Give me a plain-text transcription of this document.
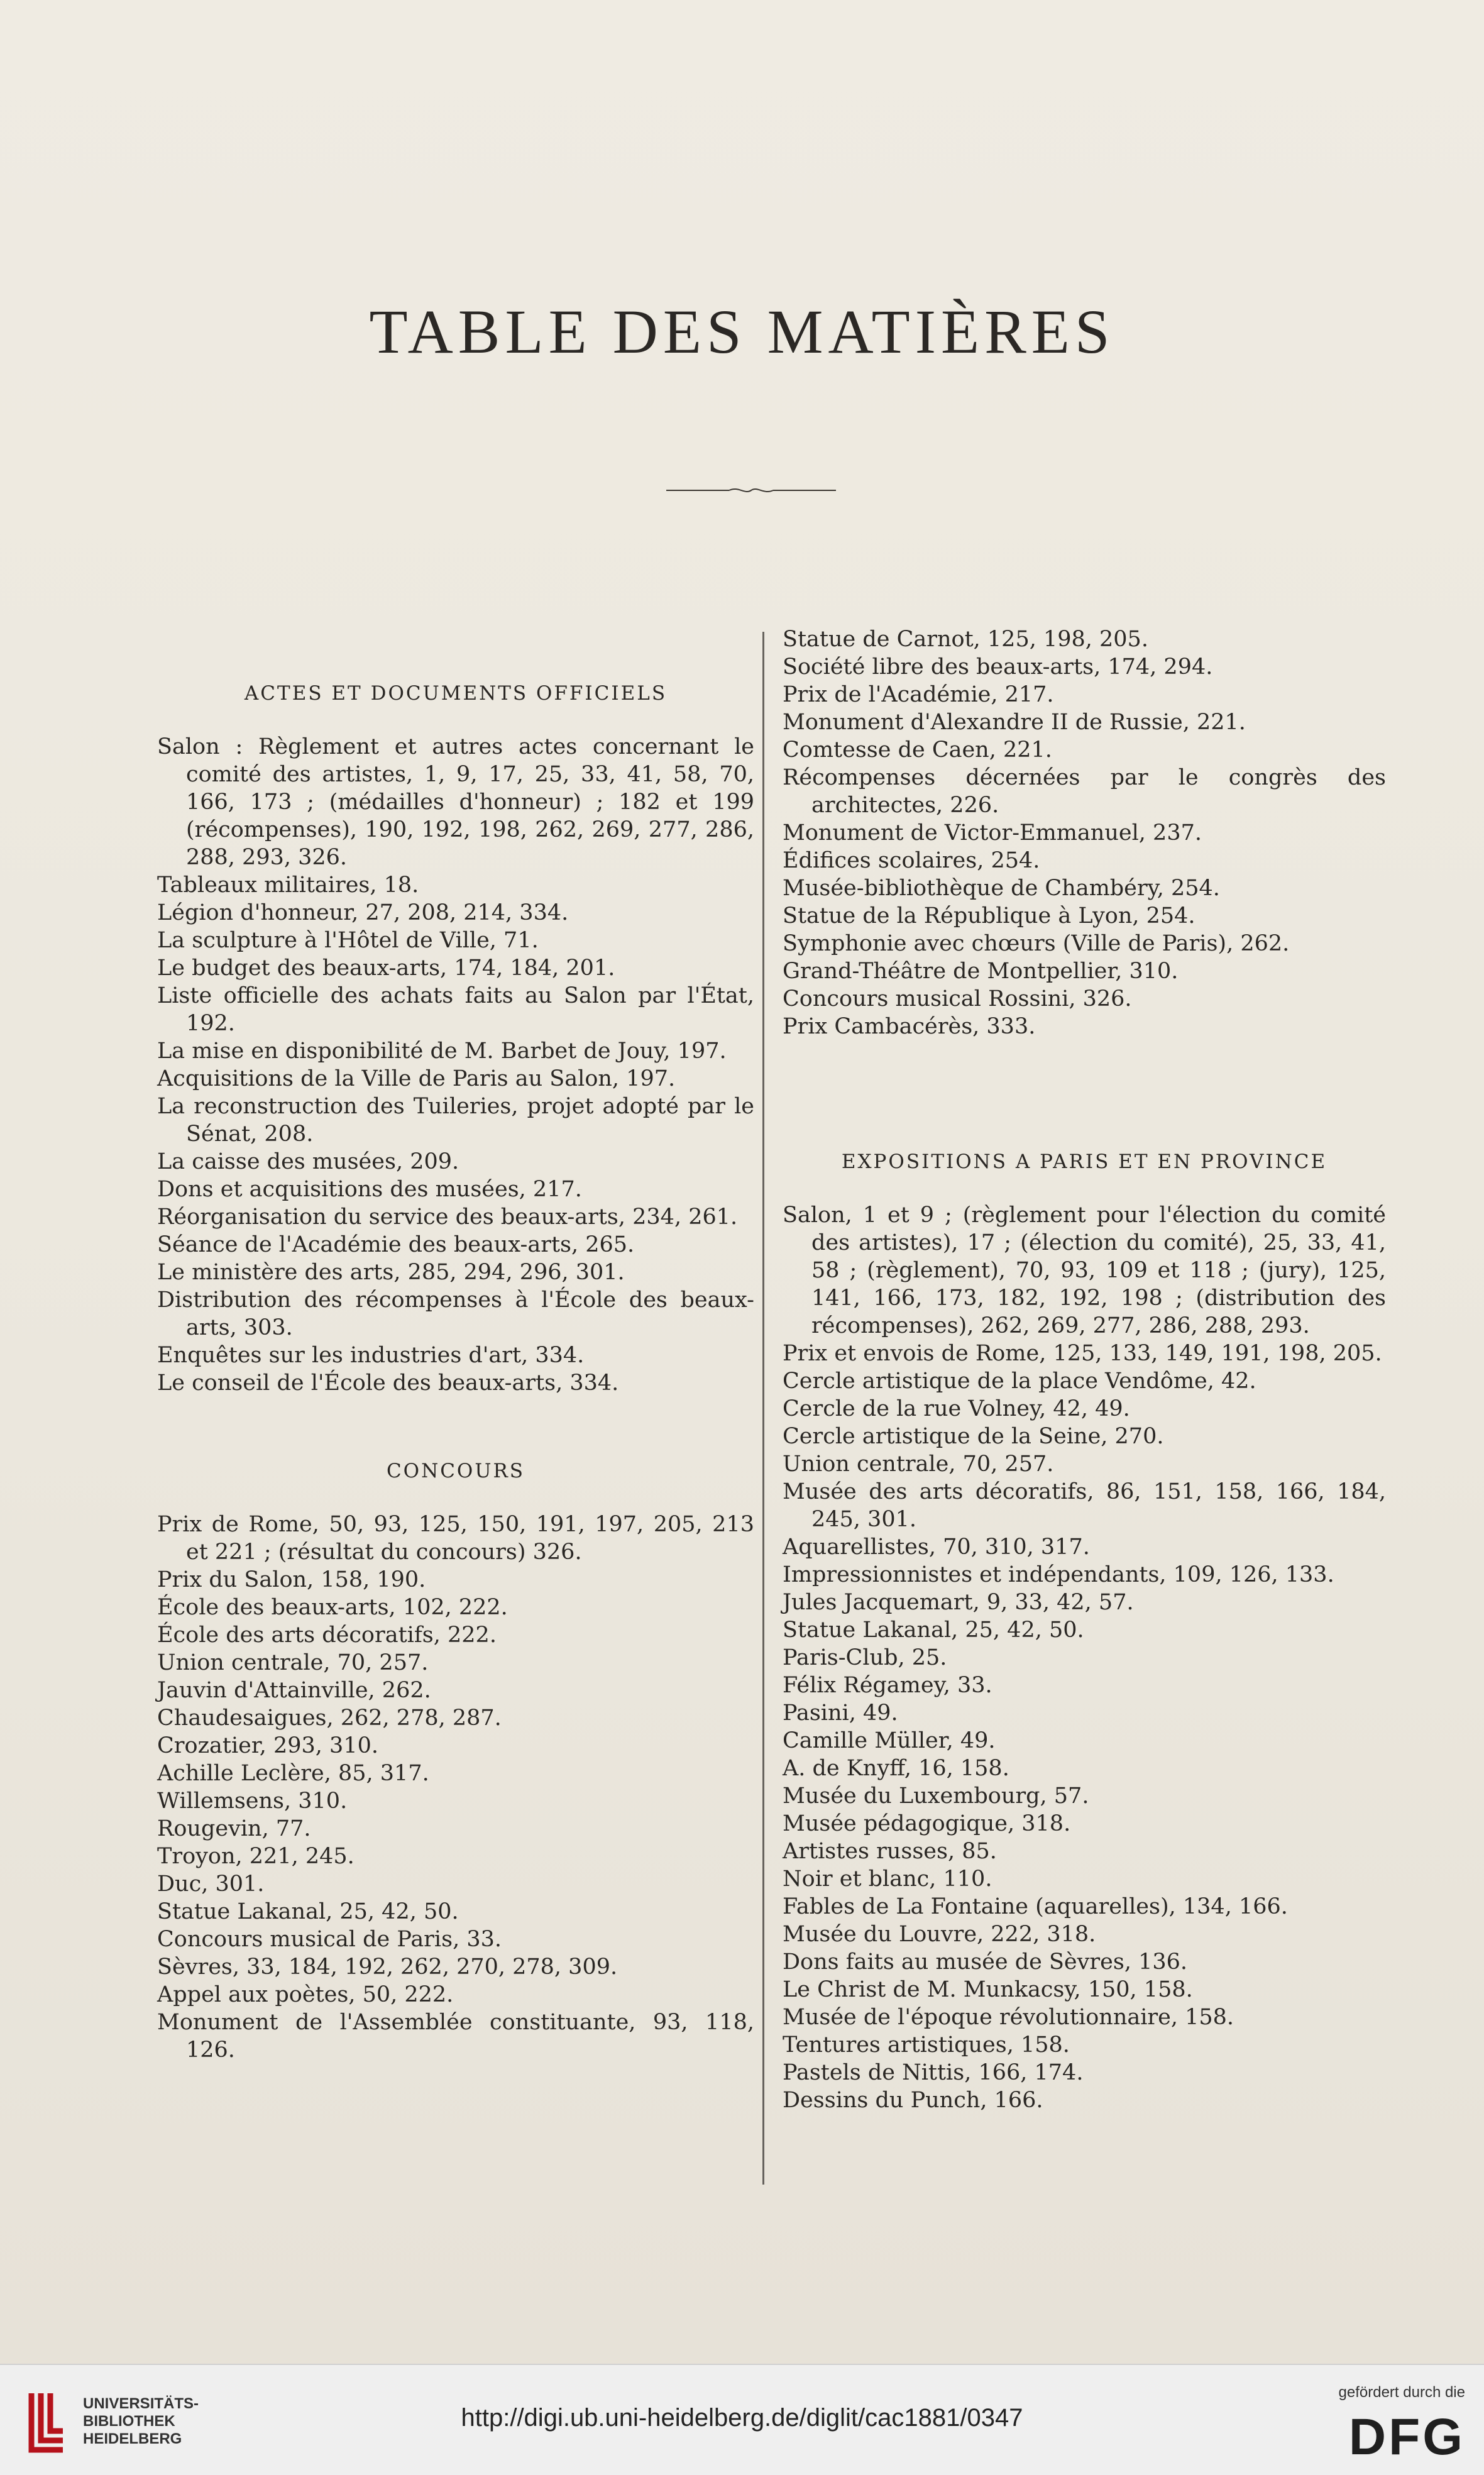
TABLE DES MATIÈRES
ACTES ET DOCUMENTS OFFICIELS
Salon : Règlement et autres actes concernant le comité des artistes, 1, 9, 17, 25, 33, 41, 58, 70, 166, 173 ; (médailles d'honneur) ; 182 et 199 (récompenses), 190, 192, 198, 262, 269, 277, 286, 288, 293, 326.
Tableaux militaires, 18.
Légion d'honneur, 27, 208, 214, 334.
La sculpture à l'Hôtel de Ville, 71.
Le budget des beaux-arts, 174, 184, 201.
Liste officielle des achats faits au Salon par l'État, 192.
La mise en disponibilité de M. Barbet de Jouy, 197.
Acquisitions de la Ville de Paris au Salon, 197.
La reconstruction des Tuileries, projet adopté par le Sénat, 208.
La caisse des musées, 209.
Dons et acquisitions des musées, 217.
Réorganisation du service des beaux-arts, 234, 261.
Séance de l'Académie des beaux-arts, 265.
Le ministère des arts, 285, 294, 296, 301.
Distribution des récompenses à l'École des beaux-arts, 303.
Enquêtes sur les industries d'art, 334.
Le conseil de l'École des beaux-arts, 334.
CONCOURS
Prix de Rome, 50, 93, 125, 150, 191, 197, 205, 213 et 221 ; (résultat du concours) 326.
Prix du Salon, 158, 190.
École des beaux-arts, 102, 222.
École des arts décoratifs, 222.
Union centrale, 70, 257.
Jauvin d'Attainville, 262.
Chaudesaigues, 262, 278, 287.
Crozatier, 293, 310.
Achille Leclère, 85, 317.
Willemsens, 310.
Rougevin, 77.
Troyon, 221, 245.
Duc, 301.
Statue Lakanal, 25, 42, 50.
Concours musical de Paris, 33.
Sèvres, 33, 184, 192, 262, 270, 278, 309.
Appel aux poètes, 50, 222.
Monument de l'Assemblée constituante, 93, 118, 126.
Statue de Carnot, 125, 198, 205.
Société libre des beaux-arts, 174, 294.
Prix de l'Académie, 217.
Monument d'Alexandre II de Russie, 221.
Comtesse de Caen, 221.
Récompenses décernées par le congrès des architectes, 226.
Monument de Victor-Emmanuel, 237.
Édifices scolaires, 254.
Musée-bibliothèque de Chambéry, 254.
Statue de la République à Lyon, 254.
Symphonie avec chœurs (Ville de Paris), 262.
Grand-Théâtre de Montpellier, 310.
Concours musical Rossini, 326.
Prix Cambacérès, 333.
EXPOSITIONS A PARIS ET EN PROVINCE
Salon, 1 et 9 ; (règlement pour l'élection du comité des artistes), 17 ; (élection du comité), 25, 33, 41, 58 ; (règlement), 70, 93, 109 et 118 ; (jury), 125, 141, 166, 173, 182, 192, 198 ; (distribution des récompenses), 262, 269, 277, 286, 288, 293.
Prix et envois de Rome, 125, 133, 149, 191, 198, 205.
Cercle artistique de la place Vendôme, 42.
Cercle de la rue Volney, 42, 49.
Cercle artistique de la Seine, 270.
Union centrale, 70, 257.
Musée des arts décoratifs, 86, 151, 158, 166, 184, 245, 301.
Aquarellistes, 70, 310, 317.
Impressionnistes et indépendants, 109, 126, 133.
Jules Jacquemart, 9, 33, 42, 57.
Statue Lakanal, 25, 42, 50.
Paris-Club, 25.
Félix Régamey, 33.
Pasini, 49.
Camille Müller, 49.
A. de Knyff, 16, 158.
Musée du Luxembourg, 57.
Musée pédagogique, 318.
Artistes russes, 85.
Noir et blanc, 110.
Fables de La Fontaine (aquarelles), 134, 166.
Musée du Louvre, 222, 318.
Dons faits au musée de Sèvres, 136.
Le Christ de M. Munkacsy, 150, 158.
Musée de l'époque révolutionnaire, 158.
Tentures artistiques, 158.
Pastels de Nittis, 166, 174.
Dessins du Punch, 166.
UNIVERSITÄTS-
BIBLIOTHEK
HEIDELBERG
http://digi.ub.uni-heidelberg.de/diglit/cac1881/0347
gefördert durch die
DFG
